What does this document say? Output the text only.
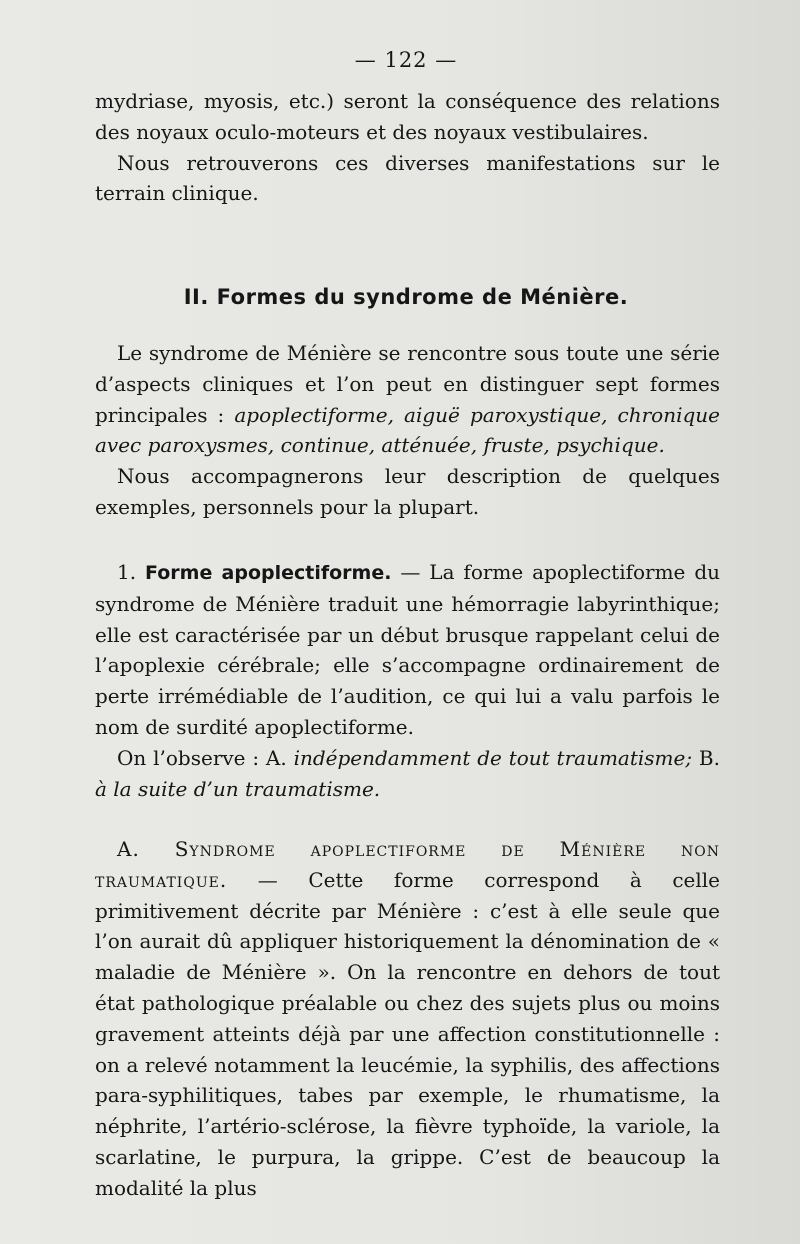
— 122 —

mydriase, myosis, etc.) seront la conséquence des relations des noyaux oculo-moteurs et des noyaux vestibulaires.

Nous retrouverons ces diverses manifestations sur le terrain clinique.

II. Formes du syndrome de Ménière.

Le syndrome de Ménière se rencontre sous toute une série d’aspects cliniques et l’on peut en distinguer sept formes principales : apoplectiforme, aiguë paroxystique, chronique avec paroxysmes, continue, atténuée, fruste, psychique.

Nous accompagnerons leur description de quelques exemples, personnels pour la plupart.

1. Forme apoplectiforme. — La forme apoplectiforme du syndrome de Ménière traduit une hémorragie labyrinthique; elle est caractérisée par un début brusque rappelant celui de l’apoplexie cérébrale; elle s’accompagne ordinairement de perte irrémédiable de l’audition, ce qui lui a valu parfois le nom de surdité apoplectiforme.

On l’observe : A. indépendamment de tout traumatisme; B. à la suite d’un traumatisme.

A. Syndrome apoplectiforme de Ménière non traumatique. — Cette forme correspond à celle primitivement décrite par Ménière : c’est à elle seule que l’on aurait dû appliquer historiquement la dénomination de « maladie de Ménière ». On la rencontre en dehors de tout état pathologique préalable ou chez des sujets plus ou moins gravement atteints déjà par une affection constitutionnelle : on a relevé notamment la leucémie, la syphilis, des affections para-syphilitiques, tabes par exemple, le rhumatisme, la néphrite, l’artério-sclérose, la fièvre typhoïde, la variole, la scarlatine, le purpura, la grippe. C’est de beaucoup la modalité la plus
